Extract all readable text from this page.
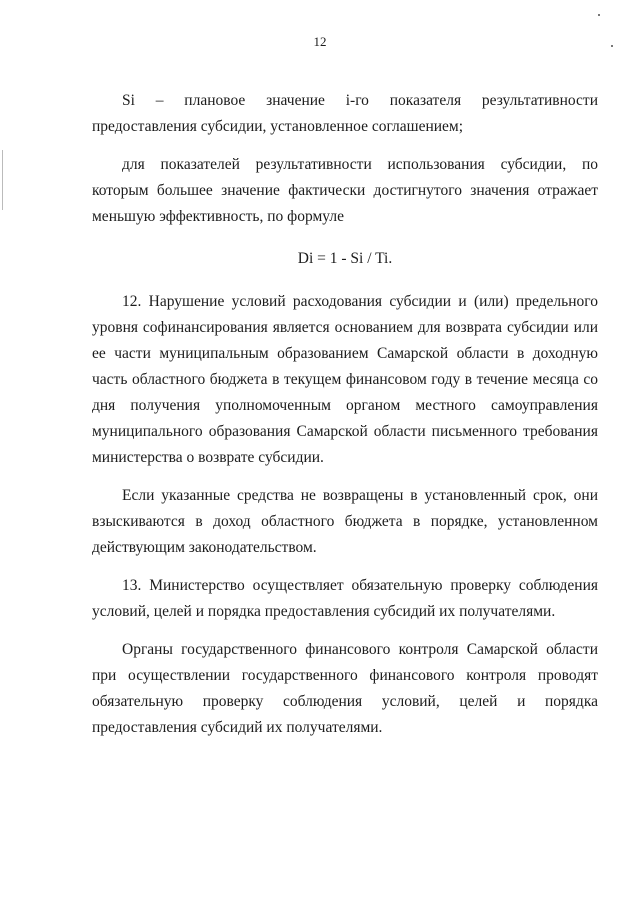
12

Si – плановое значение i-го показателя результативности предоставления субсидии, установленное соглашением;

для показателей результативности использования субсидии, по которым большее значение фактически достигнутого значения отражает меньшую эффективность, по формуле

Di = 1 - Si / Ti.

12. Нарушение условий расходования субсидии и (или) предельного уровня софинансирования является основанием для возврата субсидии или ее части муниципальным образованием Самарской области в доходную часть областного бюджета в текущем финансовом году в течение месяца со дня получения уполномоченным органом местного самоуправления муниципального образования Самарской области письменного требования министерства о возврате субсидии.

Если указанные средства не возвращены в установленный срок, они взыскиваются в доход областного бюджета в порядке, установленном действующим законодательством.

13. Министерство осуществляет обязательную проверку соблюдения условий, целей и порядка предоставления субсидий их получателями.

Органы государственного финансового контроля Самарской области при осуществлении государственного финансового контроля проводят обязательную проверку соблюдения условий, целей и порядка предоставления субсидий их получателями.
